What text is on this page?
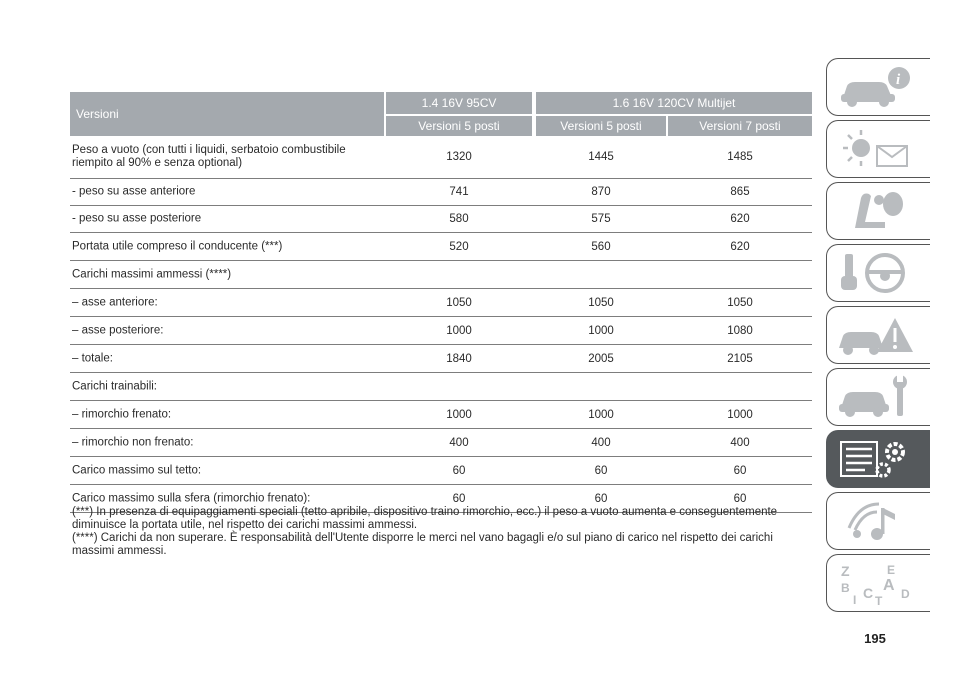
Versioni
1.4 16V 95CV	1.6 16V 120CV Multijet
Versioni 5 posti	Versioni 5 posti	Versioni 7 posti
Peso a vuoto (con tutti i liquidi, serbatoio combustibile riempito al 90% e senza optional)	1320	1445	1485
- peso su asse anteriore	741	870	865
- peso su asse posteriore	580	575	620
Portata utile compreso il conducente (***)	520	560	620
Carichi massimi ammessi (****)
– asse anteriore:	1050	1050	1050
– asse posteriore:	1000	1000	1080
– totale:	1840	2005	2105
Carichi trainabili:
– rimorchio frenato:	1000	1000	1000
– rimorchio non frenato:	400	400	400
Carico massimo sul tetto:	60	60	60
Carico massimo sulla sfera (rimorchio frenato):	60	60	60

(***) In presenza di equipaggiamenti speciali (tetto apribile, dispositivo traino rimorchio, ecc.) il peso a vuoto aumenta e conseguentemente diminuisce la portata utile, nel rispetto dei carichi massimi ammessi.

(****) Carichi da non superare. È responsabilità dell'Utente disporre le merci nel vano bagagli e/o sul piano di carico nel rispetto dei carichi massimi ammessi.

i
Z	E
B A
I C D
T
195
